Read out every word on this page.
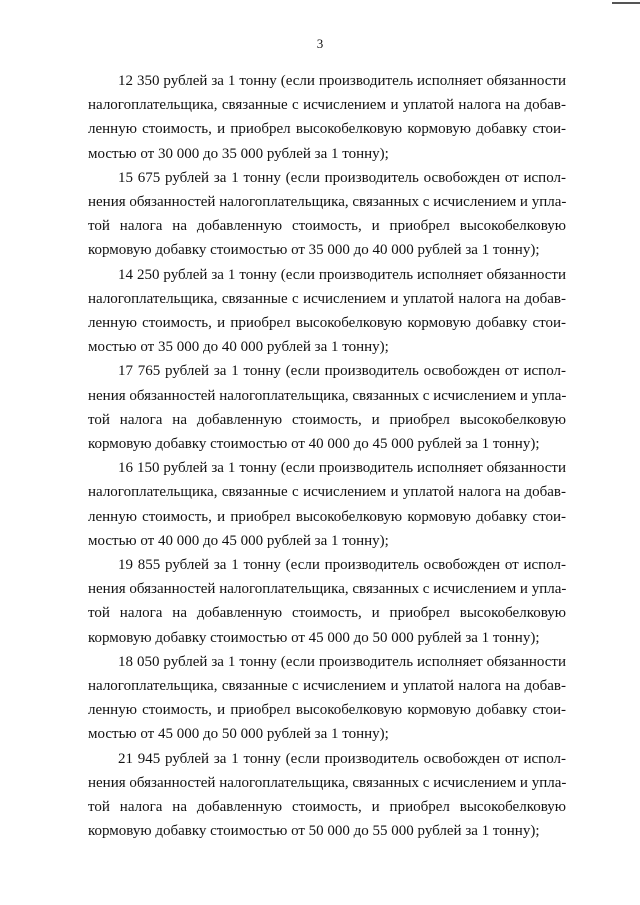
3
12 350 рублей за 1 тонну (если производитель исполняет обязанности
налогоплательщика, связанные с исчислением и уплатой налога на добав-
ленную стоимость, и приобрел высокобелковую кормовую добавку стои-
мостью от 30 000 до 35 000 рублей за 1 тонну);
15 675 рублей за 1 тонну (если производитель освобожден от испол-
нения обязанностей налогоплательщика, связанных с исчислением и упла-
той налога на добавленную стоимость, и приобрел высокобелковую
кормовую добавку стоимостью от 35 000 до 40 000 рублей за 1 тонну);
14 250 рублей за 1 тонну (если производитель исполняет обязанности
налогоплательщика, связанные с исчислением и уплатой налога на добав-
ленную стоимость, и приобрел высокобелковую кормовую добавку стои-
мостью от 35 000 до 40 000 рублей за 1 тонну);
17 765 рублей за 1 тонну (если производитель освобожден от испол-
нения обязанностей налогоплательщика, связанных с исчислением и упла-
той налога на добавленную стоимость, и приобрел высокобелковую
кормовую добавку стоимостью от 40 000 до 45 000 рублей за 1 тонну);
16 150 рублей за 1 тонну (если производитель исполняет обязанности
налогоплательщика, связанные с исчислением и уплатой налога на добав-
ленную стоимость, и приобрел высокобелковую кормовую добавку стои-
мостью от 40 000 до 45 000 рублей за 1 тонну);
19 855 рублей за 1 тонну (если производитель освобожден от испол-
нения обязанностей налогоплательщика, связанных с исчислением и упла-
той налога на добавленную стоимость, и приобрел высокобелковую
кормовую добавку стоимостью от 45 000 до 50 000 рублей за 1 тонну);
18 050 рублей за 1 тонну (если производитель исполняет обязанности
налогоплательщика, связанные с исчислением и уплатой налога на добав-
ленную стоимость, и приобрел высокобелковую кормовую добавку стои-
мостью от 45 000 до 50 000 рублей за 1 тонну);
21 945 рублей за 1 тонну (если производитель освобожден от испол-
нения обязанностей налогоплательщика, связанных с исчислением и упла-
той налога на добавленную стоимость, и приобрел высокобелковую
кормовую добавку стоимостью от 50 000 до 55 000 рублей за 1 тонну);
